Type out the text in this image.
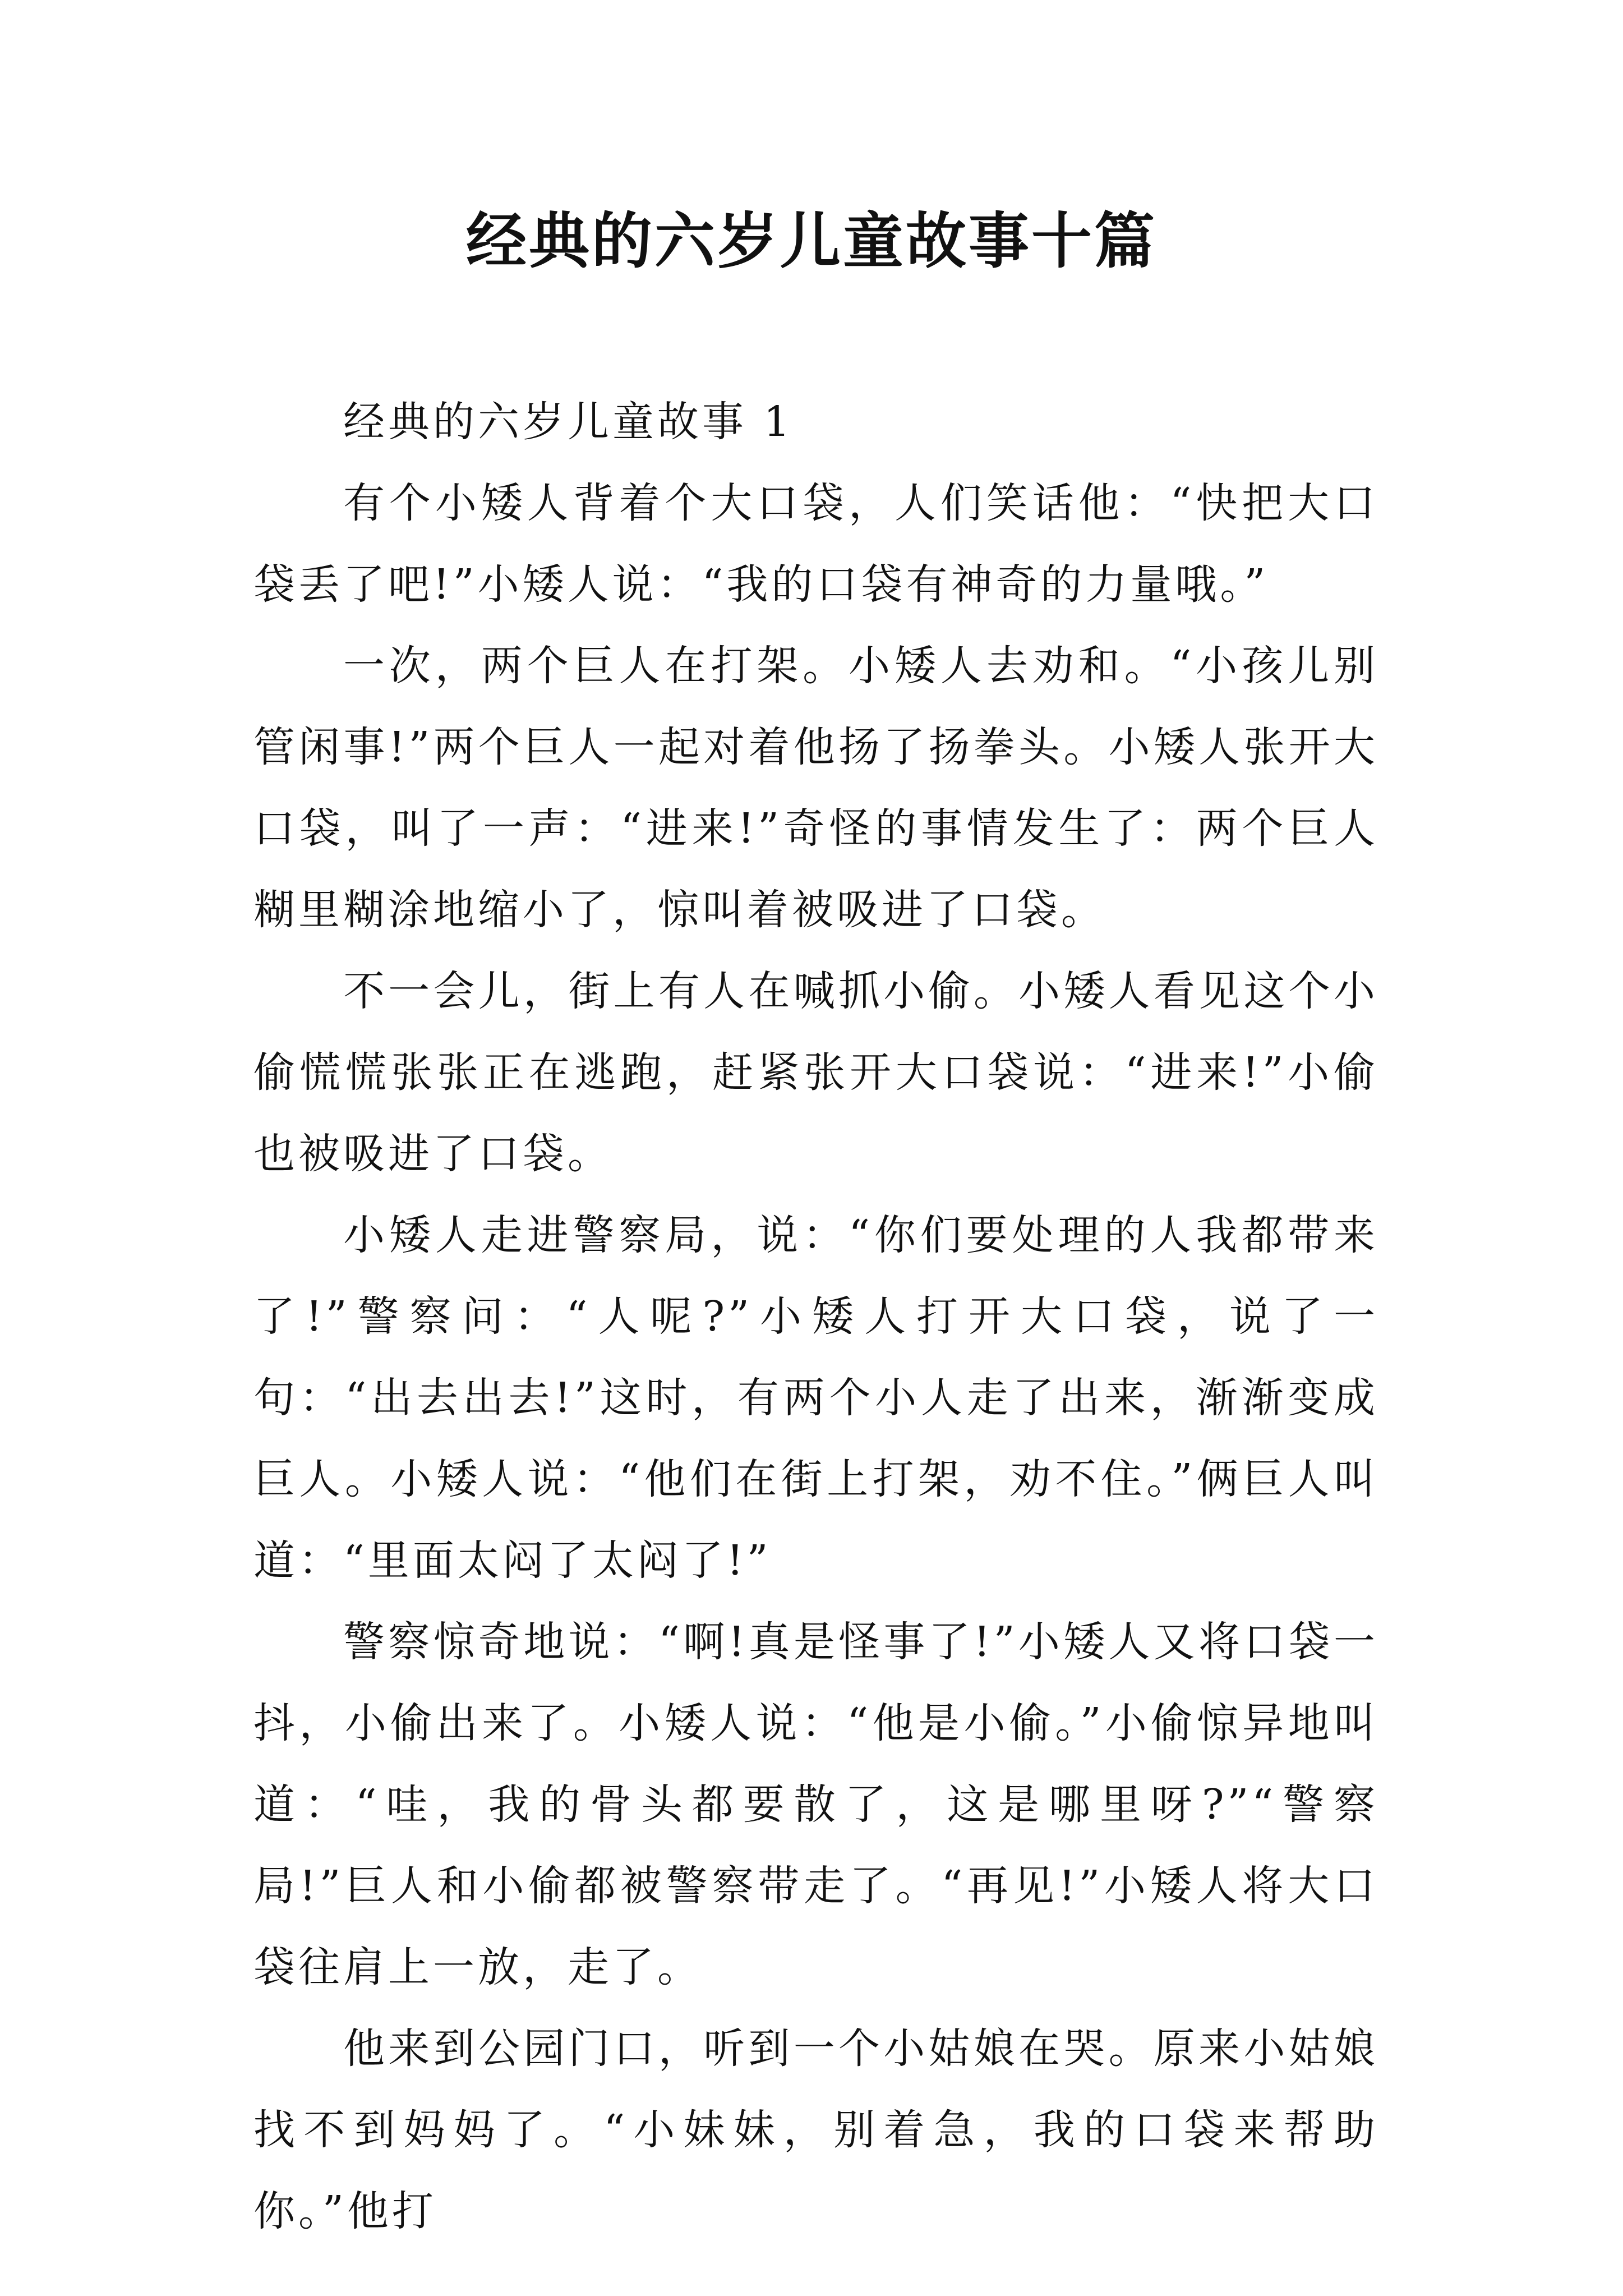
经典的六岁儿童故事十篇

经典的六岁儿童故事 1

有个小矮人背着个大口袋，人们笑话他：“快把大口袋丢了吧!”小矮人说：“我的口袋有神奇的力量哦。”

一次，两个巨人在打架。小矮人去劝和。“小孩儿别管闲事!”两个巨人一起对着他扬了扬拳头。小矮人张开大口袋，叫了一声：“进来!”奇怪的事情发生了：两个巨人糊里糊涂地缩小了，惊叫着被吸进了口袋。

不一会儿，街上有人在喊抓小偷。小矮人看见这个小偷慌慌张张正在逃跑，赶紧张开大口袋说：“进来!”小偷也被吸进了口袋。

小矮人走进警察局，说：“你们要处理的人我都带来了!”警察问：“人呢?”小矮人打开大口袋，说了一句：“出去出去!”这时，有两个小人走了出来，渐渐变成巨人。小矮人说：“他们在街上打架，劝不住。”俩巨人叫道：“里面太闷了太闷了!”

警察惊奇地说：“啊!真是怪事了!”小矮人又将口袋一抖，小偷出来了。小矮人说：“他是小偷。”小偷惊异地叫道：“哇，我的骨头都要散了，这是哪里呀?”“警察局!”巨人和小偷都被警察带走了。“再见!”小矮人将大口袋往肩上一放，走了。

他来到公园门口，听到一个小姑娘在哭。原来小姑娘找不到妈妈了。“小妹妹，别着急，我的口袋来帮助你。”他打
